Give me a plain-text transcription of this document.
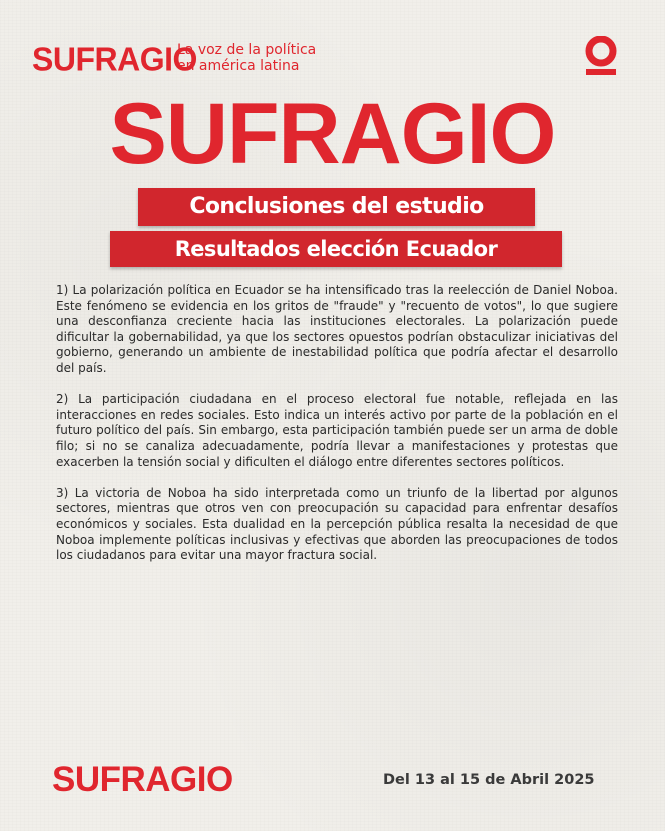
SUFRAGIO
La voz de la política
en américa latina
SUFRAGIO
Conclusiones del estudio
Resultados elección Ecuador

1) La polarización política en Ecuador se ha intensificado tras la reelección de Daniel Noboa. Este fenómeno se evidencia en los gritos de "fraude" y "recuento de votos", lo que sugiere una desconfianza creciente hacia las instituciones electorales. La polarización puede dificultar la gobernabilidad, ya que los sectores opuestos podrían obstaculizar iniciativas del gobierno, generando un ambiente de inestabilidad política que podría afectar el desarrollo del país.

2) La participación ciudadana en el proceso electoral fue notable, reflejada en las interacciones en redes sociales. Esto indica un interés activo por parte de la población en el futuro político del país. Sin embargo, esta participación también puede ser un arma de doble filo; si no se canaliza adecuadamente, podría llevar a manifestaciones y protestas que exacerben la tensión social y dificulten el diálogo entre diferentes sectores políticos.

3) La victoria de Noboa ha sido interpretada como un triunfo de la libertad por algunos sectores, mientras que otros ven con preocupación su capacidad para enfrentar desafíos económicos y sociales. Esta dualidad en la percepción pública resalta la necesidad de que Noboa implemente políticas inclusivas y efectivas que aborden las preocupaciones de todos los ciudadanos para evitar una mayor fractura social.

SUFRAGIO	Del 13 al 15 de Abril 2025
